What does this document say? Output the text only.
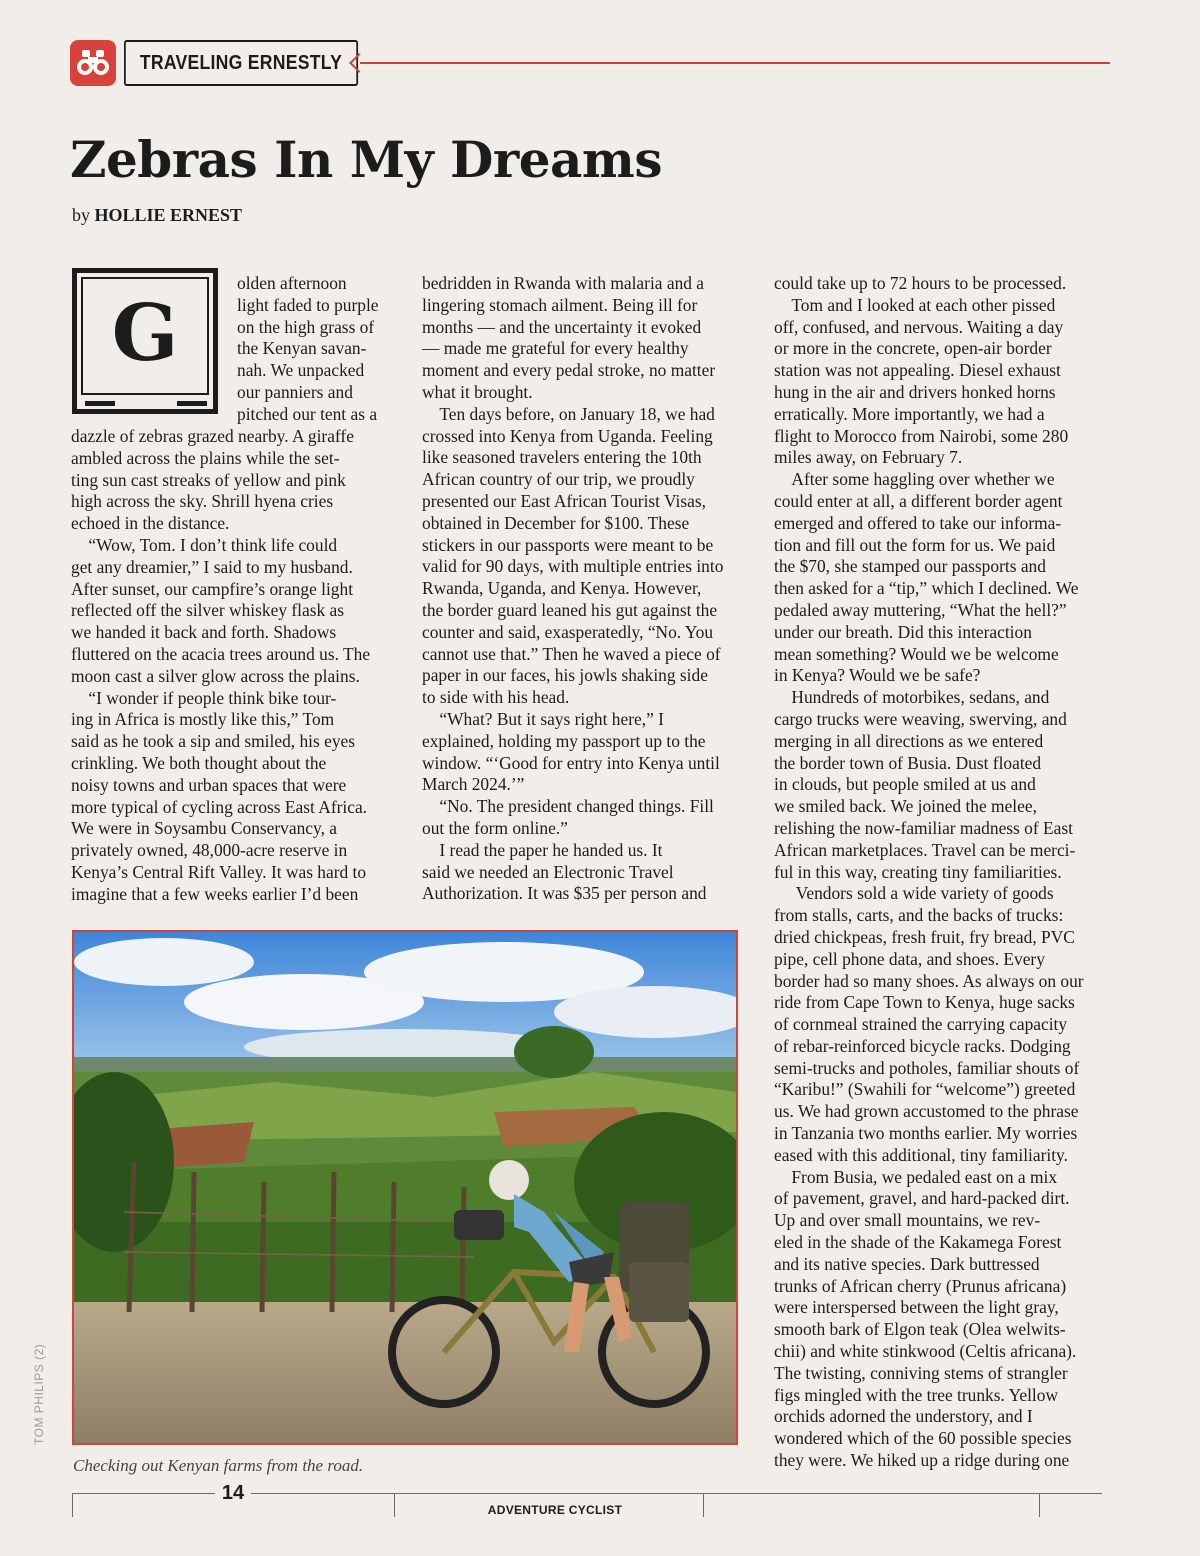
TRAVELING ERNESTLY
Zebras In My Dreams
by HOLLIE ERNEST
G
olden afternoon
light faded to purple
on the high grass of
the Kenyan savan-
nah. We unpacked
our panniers and
pitched our tent as a
dazzle of zebras grazed nearby. A giraffe
ambled across the plains while the set-
ting sun cast streaks of yellow and pink
high across the sky. Shrill hyena cries
echoed in the distance.
“Wow, Tom. I don’t think life could
get any dreamier,” I said to my husband.
After sunset, our campfire’s orange light
reflected off the silver whiskey flask as
we handed it back and forth. Shadows
fluttered on the acacia trees around us. The
moon cast a silver glow across the plains.
“I wonder if people think bike tour-
ing in Africa is mostly like this,” Tom
said as he took a sip and smiled, his eyes
crinkling. We both thought about the
noisy towns and urban spaces that were
more typical of cycling across East Africa.
We were in Soysambu Conservancy, a
privately owned, 48,000-acre reserve in
Kenya’s Central Rift Valley. It was hard to
imagine that a few weeks earlier I’d been
bedridden in Rwanda with malaria and a
lingering stomach ailment. Being ill for
months — and the uncertainty it evoked
— made me grateful for every healthy
moment and every pedal stroke, no matter
what it brought.
Ten days before, on January 18, we had
crossed into Kenya from Uganda. Feeling
like seasoned travelers entering the 10th
African country of our trip, we proudly
presented our East African Tourist Visas,
obtained in December for $100. These
stickers in our passports were meant to be
valid for 90 days, with multiple entries into
Rwanda, Uganda, and Kenya. However,
the border guard leaned his gut against the
counter and said, exasperatedly, “No. You
cannot use that.” Then he waved a piece of
paper in our faces, his jowls shaking side
to side with his head.
“What? But it says right here,” I
explained, holding my passport up to the
window. “‘Good for entry into Kenya until
March 2024.’”
“No. The president changed things. Fill
out the form online.”
I read the paper he handed us. It
said we needed an Electronic Travel
Authorization. It was $35 per person and
could take up to 72 hours to be processed.
Tom and I looked at each other pissed
off, confused, and nervous. Waiting a day
or more in the concrete, open-air border
station was not appealing. Diesel exhaust
hung in the air and drivers honked horns
erratically. More importantly, we had a
flight to Morocco from Nairobi, some 280
miles away, on February 7.
After some haggling over whether we
could enter at all, a different border agent
emerged and offered to take our informa-
tion and fill out the form for us. We paid
the $70, she stamped our passports and
then asked for a “tip,” which I declined. We
pedaled away muttering, “What the hell?”
under our breath. Did this interaction
mean something? Would we be welcome
in Kenya? Would we be safe?
Hundreds of motorbikes, sedans, and
cargo trucks were weaving, swerving, and
merging in all directions as we entered
the border town of Busia. Dust floated
in clouds, but people smiled at us and
we smiled back. We joined the melee,
relishing the now-familiar madness of East
African marketplaces. Travel can be merci-
ful in this way, creating tiny familiarities.
Vendors sold a wide variety of goods
from stalls, carts, and the backs of trucks:
dried chickpeas, fresh fruit, fry bread, PVC
pipe, cell phone data, and shoes. Every
border had so many shoes. As always on our
ride from Cape Town to Kenya, huge sacks
of cornmeal strained the carrying capacity
of rebar-reinforced bicycle racks. Dodging
semi-trucks and potholes, familiar shouts of
“Karibu!” (Swahili for “welcome”) greeted
us. We had grown accustomed to the phrase
in Tanzania two months earlier. My worries
eased with this additional, tiny familiarity.
From Busia, we pedaled east on a mix
of pavement, gravel, and hard-packed dirt.
Up and over small mountains, we rev-
eled in the shade of the Kakamega Forest
and its native species. Dark buttressed
trunks of African cherry (Prunus africana)
were interspersed between the light gray,
smooth bark of Elgon teak (Olea welwits-
chii) and white stinkwood (Celtis africana).
The twisting, conniving stems of strangler
figs mingled with the tree trunks. Yellow
orchids adorned the understory, and I
wondered which of the 60 possible species
they were. We hiked up a ridge during one
Checking out Kenyan farms from the road.
TOM PHILIPS (2)
14
ADVENTURE CYCLIST
